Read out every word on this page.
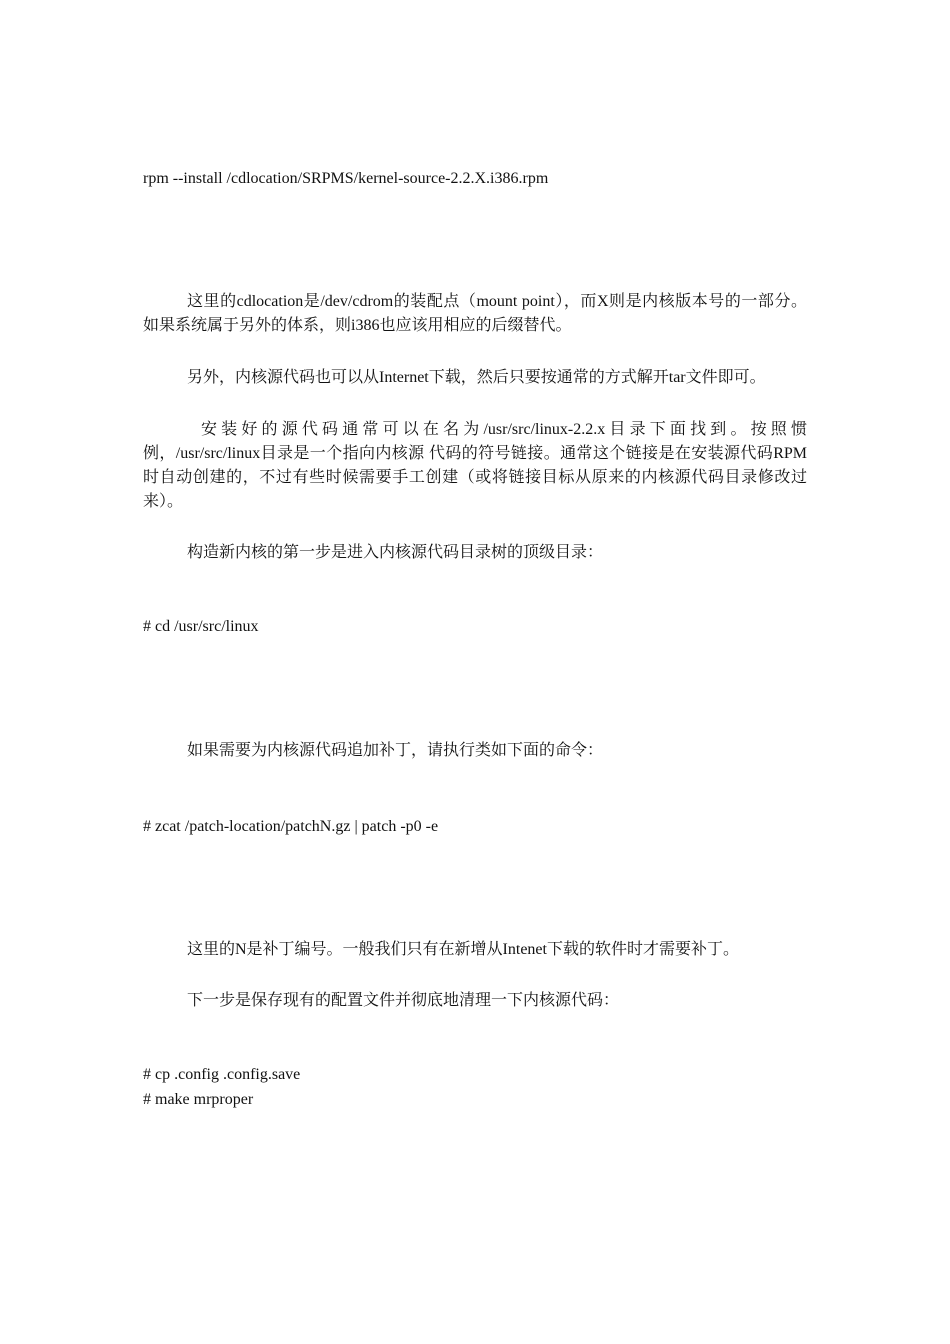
rpm --install /cdlocation/SRPMS/kernel-source-2.2.X.i386.rpm
这里的cdlocation是/dev/cdrom的装配点（mount point），而X则是内核版本号的一部分。如果系统属于另外的体系，则i386也应该用相应的后缀替代。
另外，内核源代码也可以从Internet下载，然后只要按通常的方式解开tar文件即可。
安装好的源代码通常可以在名为/usr/src/linux-2.2.x目录下面找到。按照惯例，/usr/src/linux目录是一个指向内核源 代码的符号链接。通常这个链接是在安装源代码RPM时自动创建的，不过有些时候需要手工创建（或将链接目标从原来的内核源代码目录修改过来）。
构造新内核的第一步是进入内核源代码目录树的顶级目录：
# cd /usr/src/linux
如果需要为内核源代码追加补丁，请执行类如下面的命令：
# zcat /patch-location/patchN.gz | patch -p0 -e
这里的N是补丁编号。一般我们只有在新增从Intenet下载的软件时才需要补丁。
下一步是保存现有的配置文件并彻底地清理一下内核源代码：
# cp .config .config.save
# make mrproper
